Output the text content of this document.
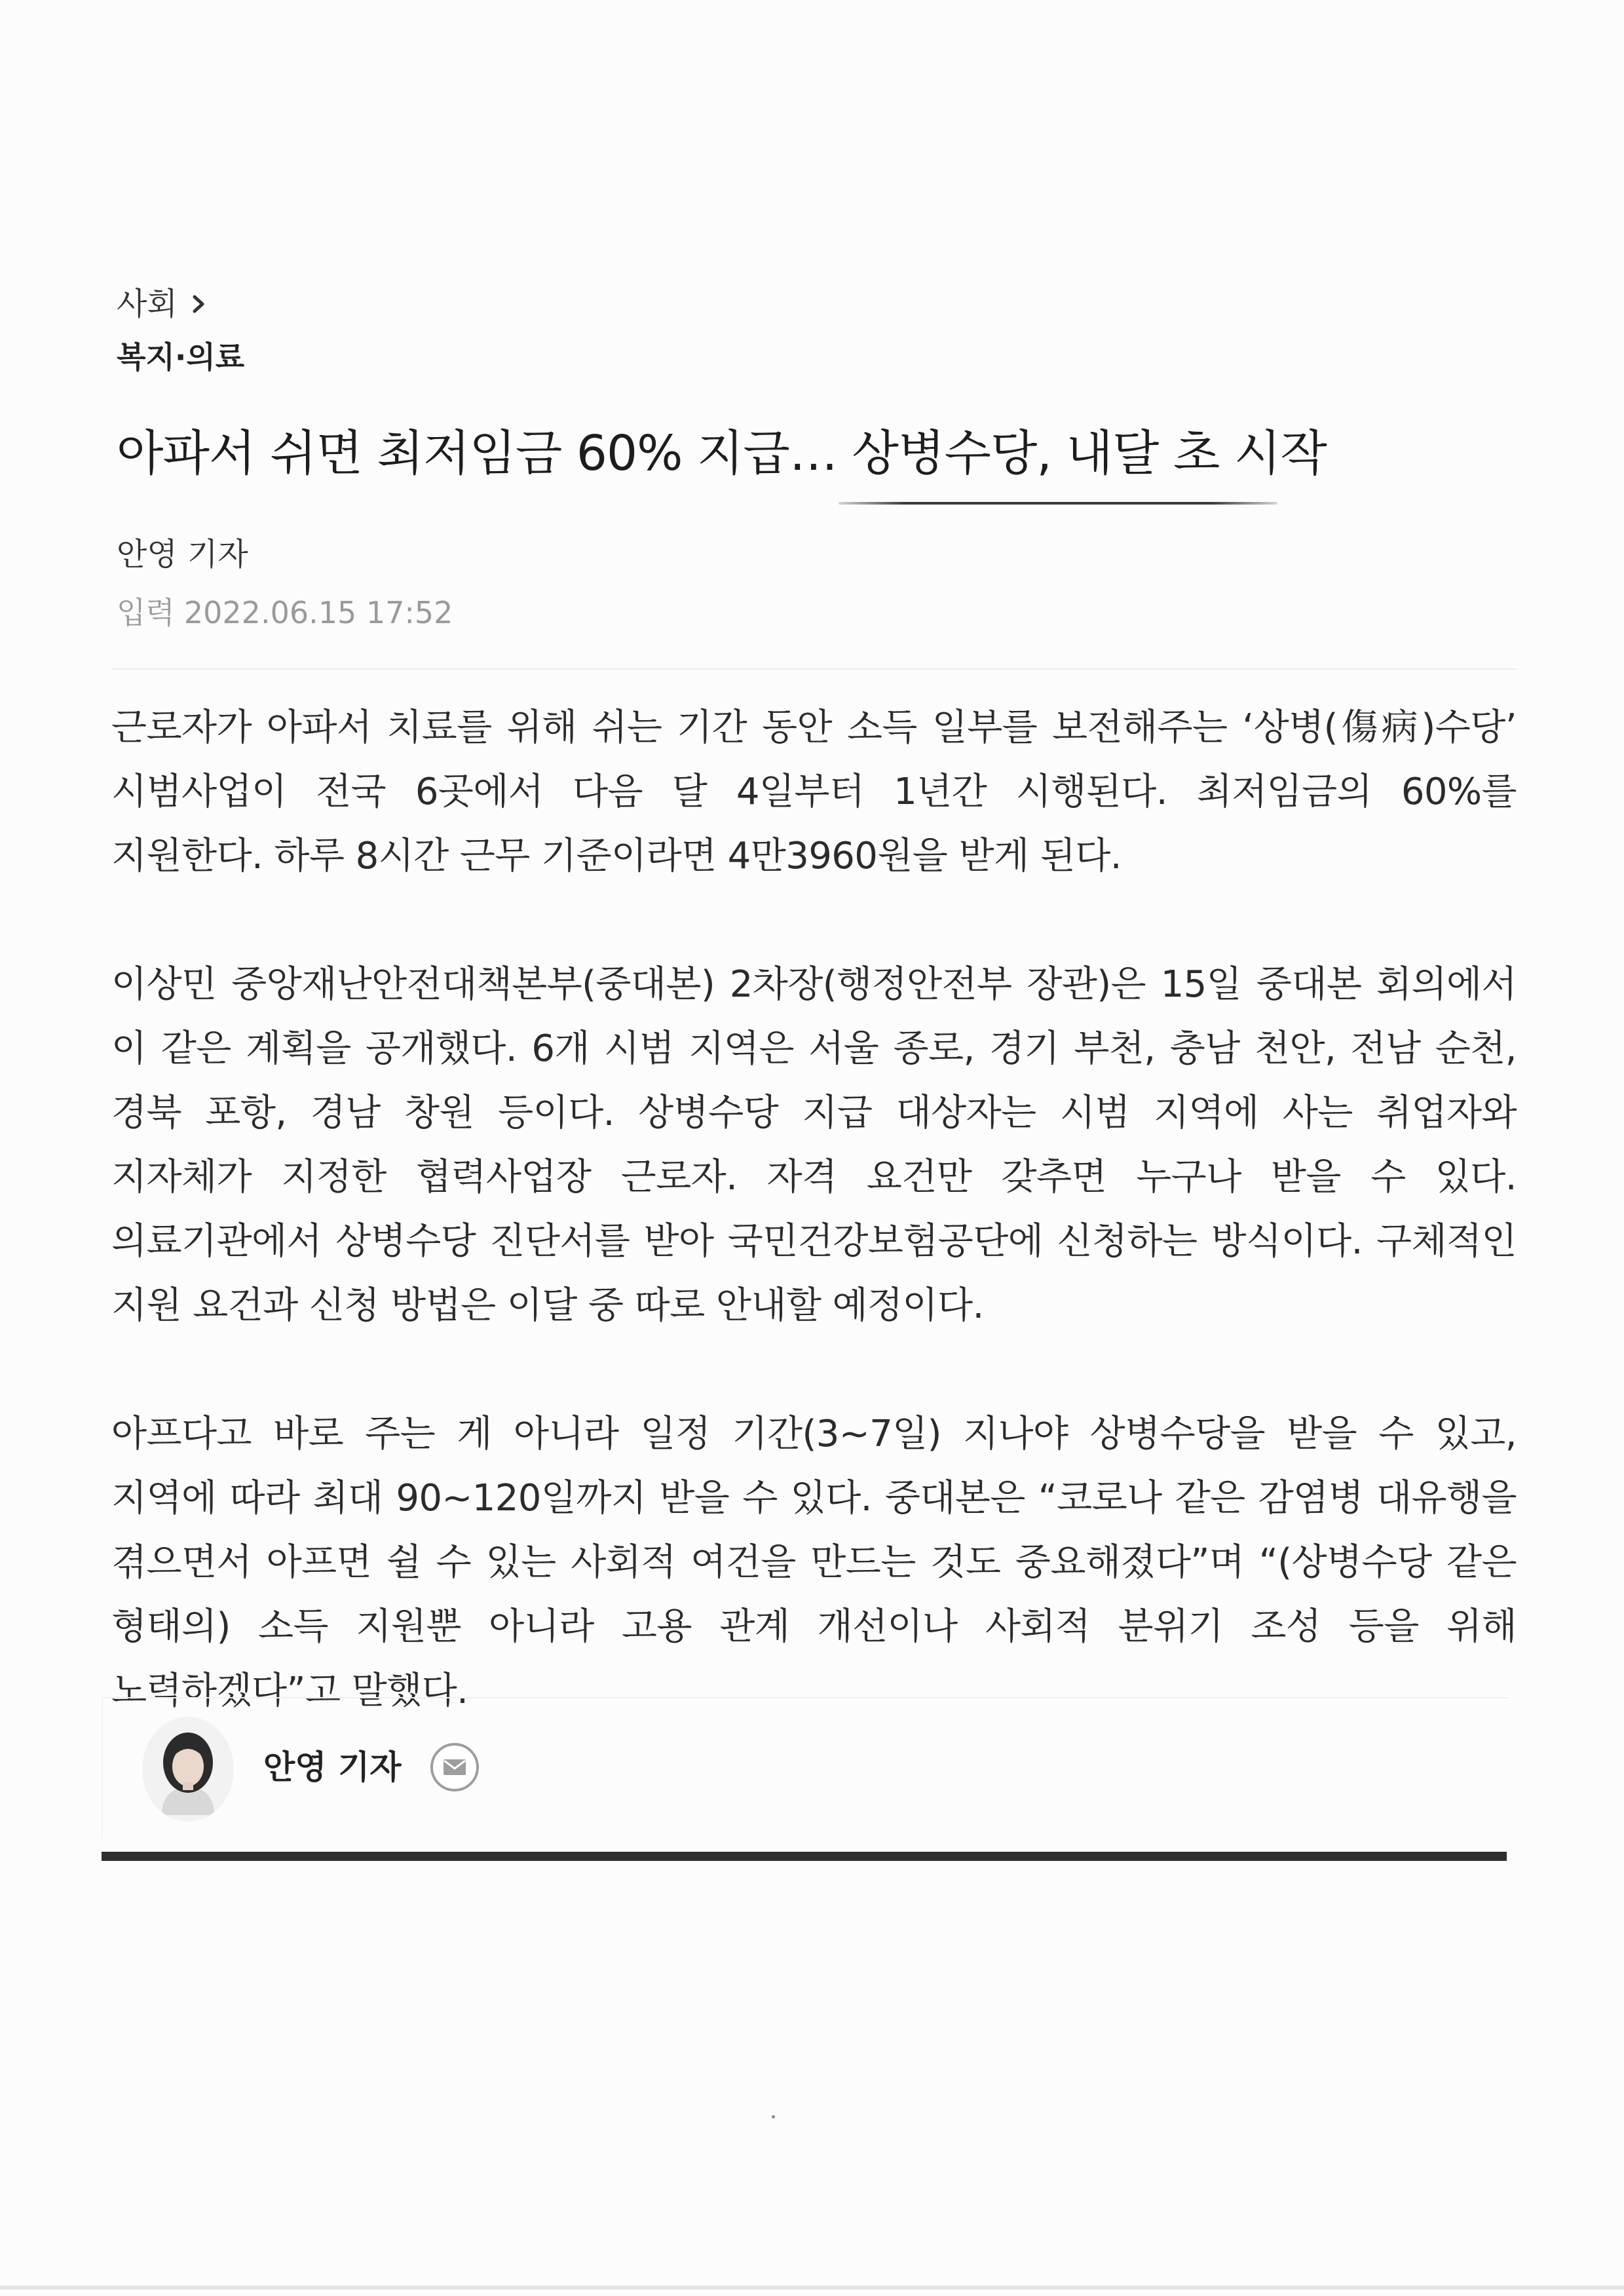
사회
복지·의료
아파서 쉬면 최저임금 60% 지급… 상병수당, 내달 초 시작
안영 기자
입력 2022.06.15 17:52

근로자가 아파서 치료를 위해 쉬는 기간 동안 소득 일부를 보전해주는 ‘상병(傷病)수당’ 시범사업이 전국 6곳에서 다음 달 4일부터 1년간 시행된다. 최저임금의 60%를 지원한다. 하루 8시간 근무 기준이라면 4만3960원을 받게 된다.

이상민 중앙재난안전대책본부(중대본) 2차장(행정안전부 장관)은 15일 중대본 회의에서 이 같은 계획을 공개했다. 6개 시범 지역은 서울 종로, 경기 부천, 충남 천안, 전남 순천, 경북 포항, 경남 창원 등이다. 상병수당 지급 대상자는 시범 지역에 사는 취업자와 지자체가 지정한 협력사업장 근로자. 자격 요건만 갖추면 누구나 받을 수 있다. 의료기관에서 상병수당 진단서를 받아 국민건강보험공단에 신청하는 방식이다. 구체적인 지원 요건과 신청 방법은 이달 중 따로 안내할 예정이다.

아프다고 바로 주는 게 아니라 일정 기간(3~7일) 지나야 상병수당을 받을 수 있고, 지역에 따라 최대 90~120일까지 받을 수 있다. 중대본은 “코로나 같은 감염병 대유행을 겪으면서 아프면 쉴 수 있는 사회적 여건을 만드는 것도 중요해졌다”며 “(상병수당 같은 형태의) 소득 지원뿐 아니라 고용 관계 개선이나 사회적 분위기 조성 등을 위해 노력하겠다”고 말했다.

안영 기자
